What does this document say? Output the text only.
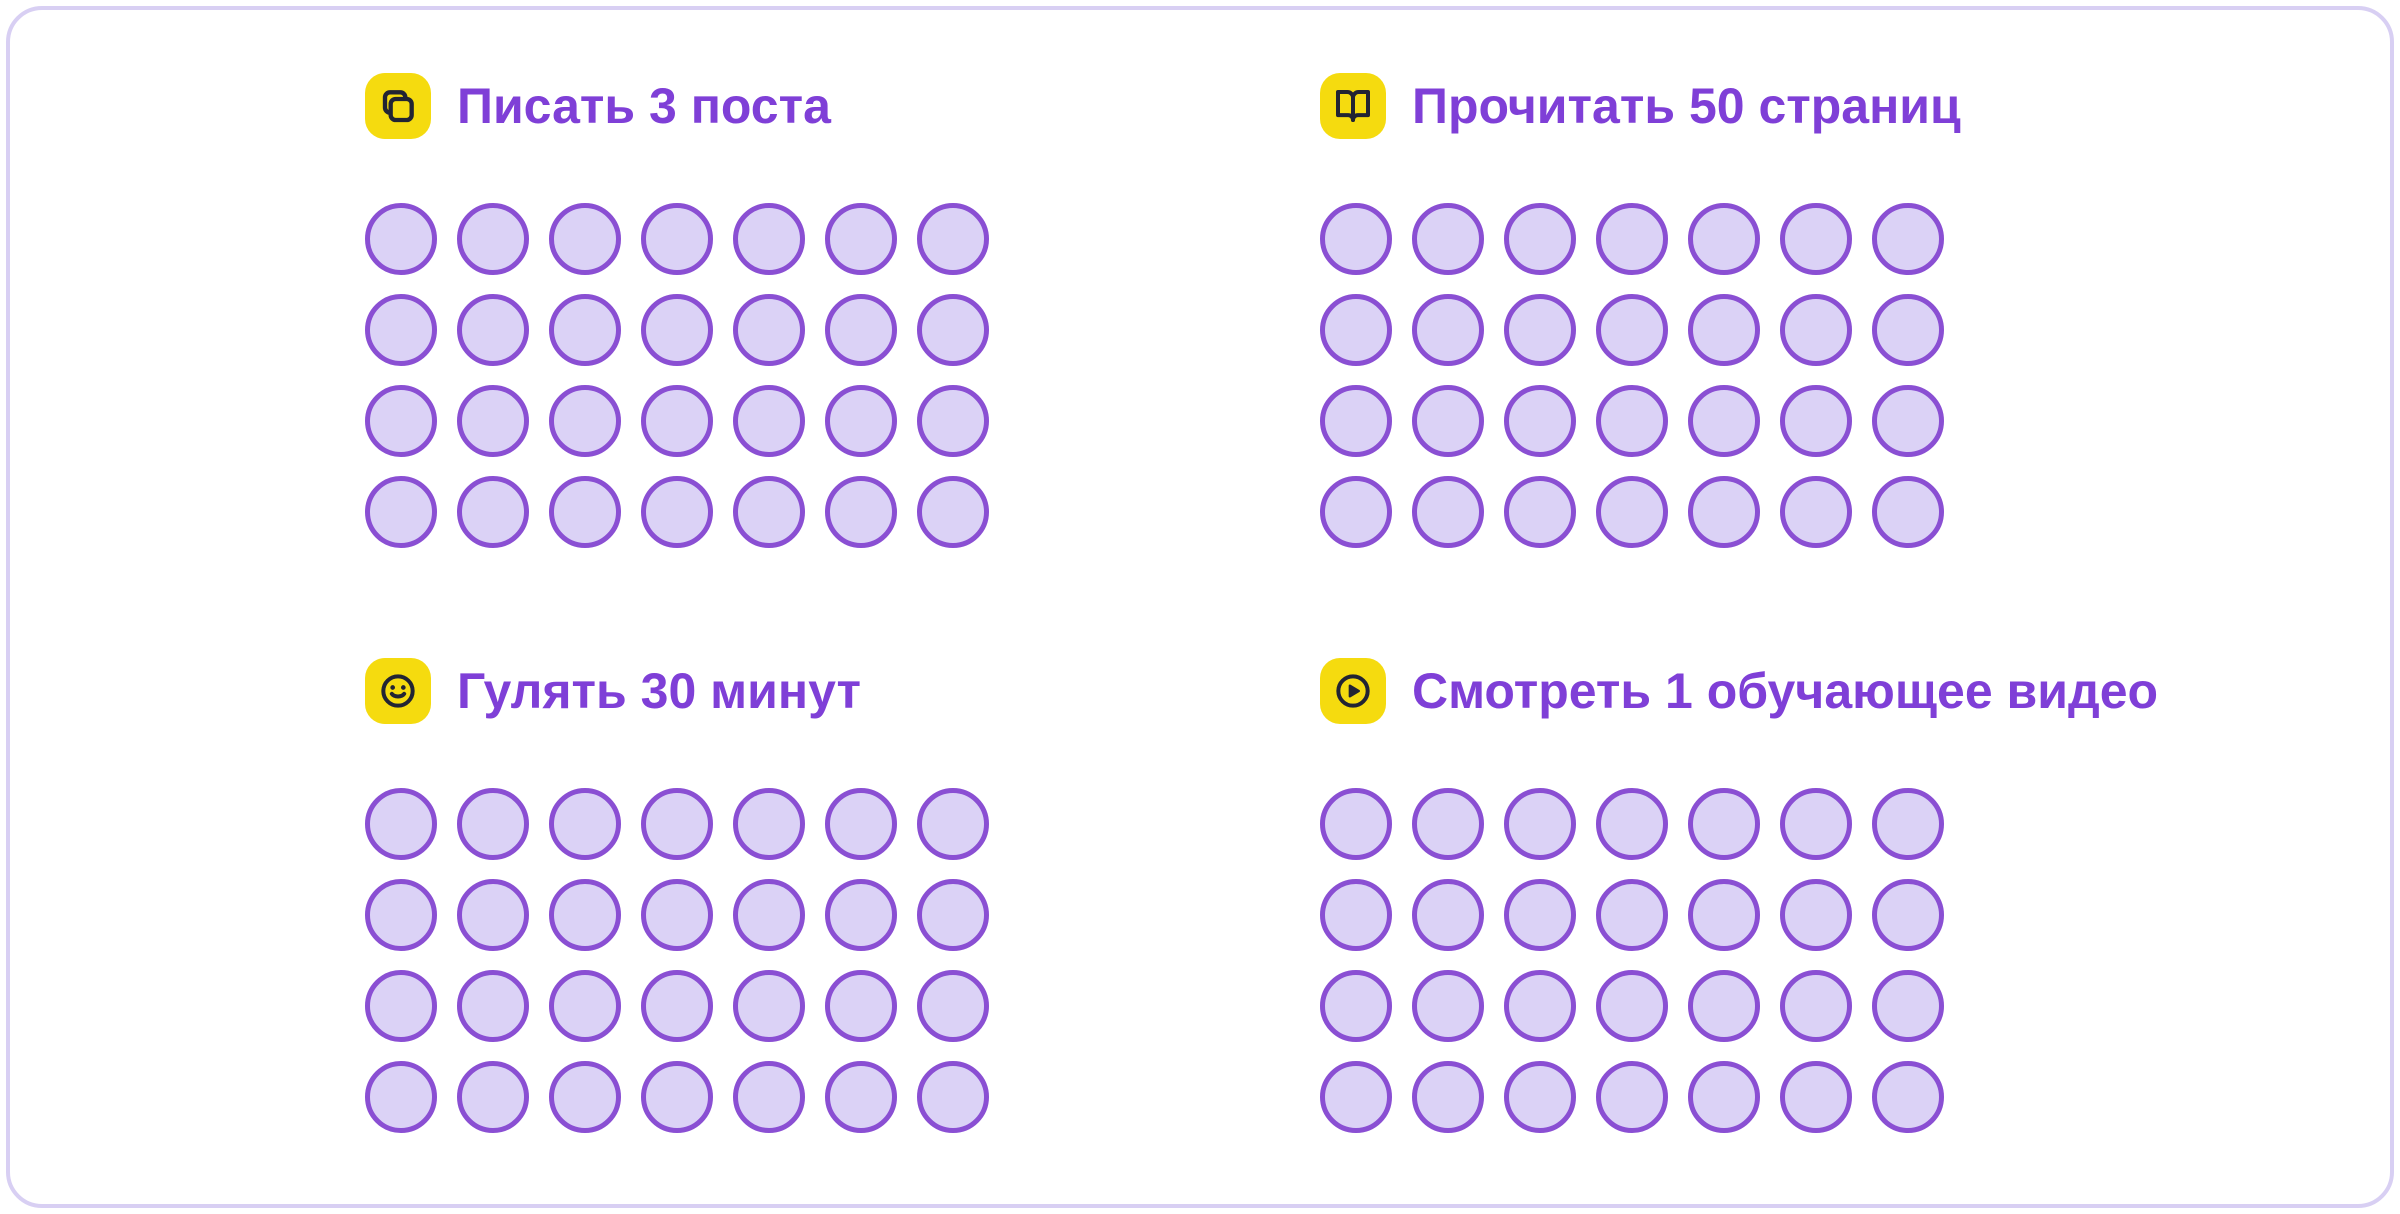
Писать 3 поста	Прочитать 50 страниц
Гулять 30 минут	Смотреть 1 обучающее видео
